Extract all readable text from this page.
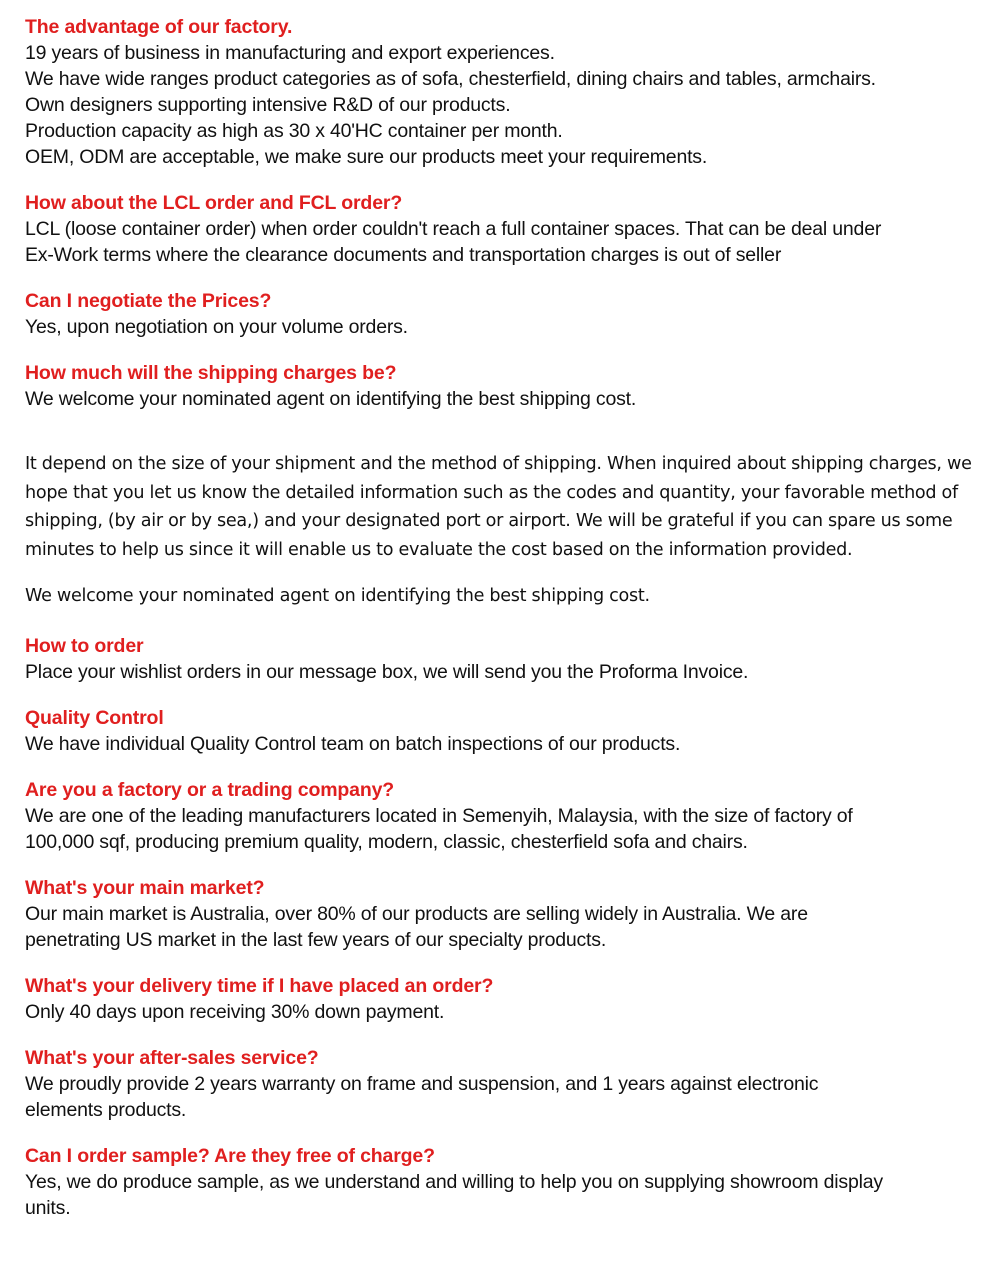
The advantage of our factory.

19 years of business in manufacturing and export experiences.

We have wide ranges product categories as of sofa, chesterfield, dining chairs and tables, armchairs.

Own designers supporting intensive R&D of our products.

Production capacity as high as 30 x 40'HC container per month.

OEM, ODM are acceptable, we make sure our products meet your requirements.

How about the LCL order and FCL order?

LCL (loose container order) when order couldn't reach a full container spaces. That can be deal under

Ex-Work terms where the clearance documents and transportation charges is out of seller

Can I negotiate the Prices?

Yes, upon negotiation on your volume orders.

How much will the shipping charges be?

We welcome your nominated agent on identifying the best shipping cost.

It depend on the size of your shipment and the method of shipping. When inquired about shipping charges, we hope that you let us know the detailed information such as the codes and quantity, your favorable method of shipping, (by air or by sea,) and your designated port or airport. We will be grateful if you can spare us some minutes to help us since it will enable us to evaluate the cost based on the information provided.

We welcome your nominated agent on identifying the best shipping cost.

How to order

Place your wishlist orders in our message box, we will send you the Proforma Invoice.

Quality Control

We have individual Quality Control team on batch inspections of our products.

Are you a factory or a trading company?

We are one of the leading manufacturers located in Semenyih, Malaysia, with the size of factory of

100,000 sqf, producing premium quality, modern, classic, chesterfield sofa and chairs.

What's your main market?

Our main market is Australia, over 80% of our products are selling widely in Australia. We are

penetrating US market in the last few years of our specialty products.

What's your delivery time if I have placed an order?

Only 40 days upon receiving 30% down payment.

What's your after-sales service?

We proudly provide 2 years warranty on frame and suspension, and 1 years against electronic

elements products.

Can I order sample? Are they free of charge?

Yes, we do produce sample, as we understand and willing to help you on supplying showroom display

units.
